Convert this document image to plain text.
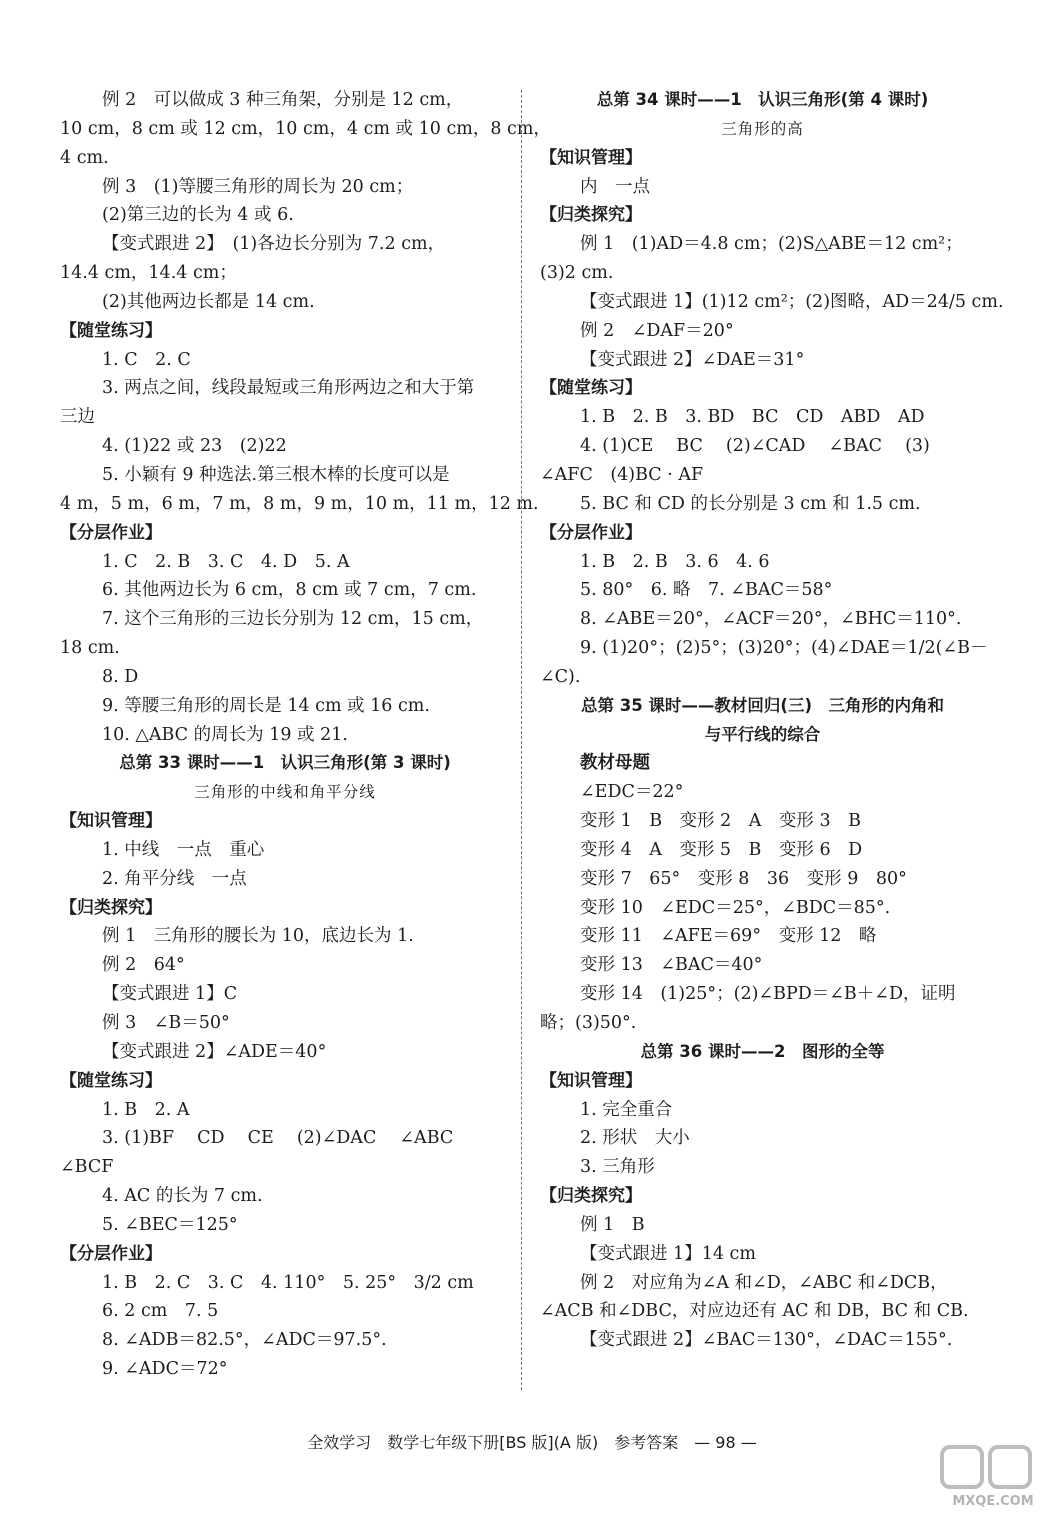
例 2　可以做成 3 种三角架，分别是 12 cm，
10 cm，8 cm 或 12 cm，10 cm，4 cm 或 10 cm，8 cm，
4 cm.
例 3　(1)等腰三角形的周长为 20 cm；
(2)第三边的长为 4 或 6.
【变式跟进 2】　(1)各边长分别为 7.2 cm，
14.4 cm，14.4 cm；
(2)其他两边长都是 14 cm.
【随堂练习】
1. C　2. C
3. 两点之间，线段最短或三角形两边之和大于第
三边
4. (1)22 或 23　(2)22
5. 小颖有 9 种选法.第三根木棒的长度可以是
4 m，5 m，6 m，7 m，8 m，9 m，10 m，11 m，12 m.
【分层作业】
1. C　2. B　3. C　4. D　5. A
6. 其他两边长为 6 cm，8 cm 或 7 cm，7 cm.
7. 这个三角形的三边长分别为 12 cm，15 cm，
18 cm.
8. D
9. 等腰三角形的周长是 14 cm 或 16 cm.
10. △ABC 的周长为 19 或 21.
总第 33 课时——1　认识三角形(第 3 课时)
三角形的中线和角平分线
【知识管理】
1. 中线　一点　重心
2. 角平分线　一点
【归类探究】
例 1　三角形的腰长为 10，底边长为 1.
例 2　64°
【变式跟进 1】C
例 3　∠B＝50°
【变式跟进 2】∠ADE＝40°
【随堂练习】
1. B　2. A
3. (1)BF　 CD　 CE　 (2)∠DAC　 ∠ABC
∠BCF
4. AC 的长为 7 cm.
5. ∠BEC＝125°
【分层作业】
1. B　2. C　3. C　4. 110°　5. 25°　3/2 cm
6. 2 cm　7. 5
8. ∠ADB＝82.5°，∠ADC＝97.5°.
9. ∠ADC＝72°
总第 34 课时——1　认识三角形(第 4 课时)
三角形的高
【知识管理】
内　一点
【归类探究】
例 1　(1)AD＝4.8 cm；(2)S△ABE＝12 cm²；
(3)2 cm.
【变式跟进 1】(1)12 cm²；(2)图略，AD＝24/5 cm.
例 2　∠DAF＝20°
【变式跟进 2】∠DAE＝31°
【随堂练习】
1. B　2. B　3. BD　BC　CD　ABD　AD
4. (1)CE　 BC　 (2)∠CAD　 ∠BAC　 (3)
∠AFC　(4)BC · AF
5. BC 和 CD 的长分别是 3 cm 和 1.5 cm.
【分层作业】
1. B　2. B　3. 6　4. 6
5. 80°　6. 略　7. ∠BAC＝58°
8. ∠ABE＝20°，∠ACF＝20°，∠BHC＝110°.
9. (1)20°；(2)5°；(3)20°；(4)∠DAE＝1/2(∠B－
∠C).
总第 35 课时——教材回归(三)　三角形的内角和
与平行线的综合
教材母题
∠EDC＝22°
变形 1　B　变形 2　A　变形 3　B
变形 4　A　变形 5　B　变形 6　D
变形 7　65°　变形 8　36　变形 9　80°
变形 10　∠EDC＝25°，∠BDC＝85°.
变形 11　∠AFE＝69°　变形 12　略
变形 13　∠BAC＝40°
变形 14　(1)25°；(2)∠BPD＝∠B＋∠D，证明
略；(3)50°.
总第 36 课时——2　图形的全等
【知识管理】
1. 完全重合
2. 形状　大小
3. 三角形
【归类探究】
例 1　B
【变式跟进 1】14 cm
例 2　对应角为∠A 和∠D，∠ABC 和∠DCB，
∠ACB 和∠DBC，对应边还有 AC 和 DB，BC 和 CB.
【变式跟进 2】∠BAC＝130°，∠DAC＝155°.
全效学习　数学七年级下册[BS 版](A 版)　参考答案　— 98 —
MXQE.COM
